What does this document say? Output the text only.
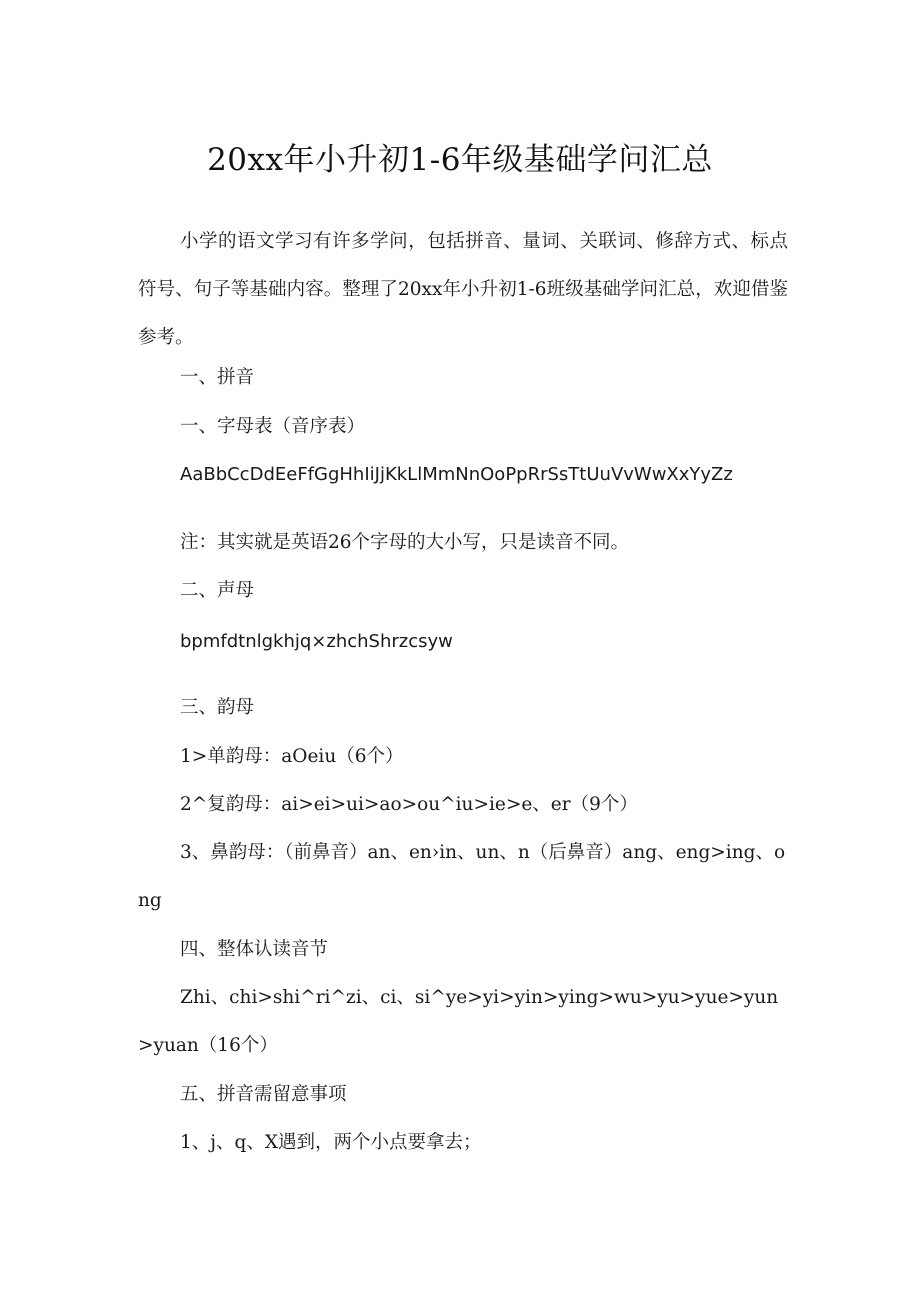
20xx年小升初1-6年级基础学问汇总

小学的语文学习有许多学问，包括拼音、量词、关联词、修辞方式、标点符号、句子等基础内容。整理了20xx年小升初1-6班级基础学问汇总，欢迎借鉴参考。

一、拼音

一、字母表（音序表）

AaBbCcDdEeFfGgHhIiJjKkLlMmNnOoPpRrSsTtUuVvWwXxYyZz

注：其实就是英语26个字母的大小写，只是读音不同。

二、声母

bpmfdtnlgkhjq×zhchShrzcsyw

三、韵母

1>单韵母：aOeiu（6个）

2^复韵母：ai>ei>ui>ao>ou^iu>ie>e、er（9个）

3、鼻韵母：（前鼻音）an、en›in、un、n（后鼻音）ang、eng>ing、ong

四、整体认读音节

Zhi、chi>shi^ri^zi、ci、si^ye>yi>yin>ying>wu>yu>yue>yun>yuan（16个）

五、拼音需留意事项

1、j、q、X遇到，两个小点要拿去；
